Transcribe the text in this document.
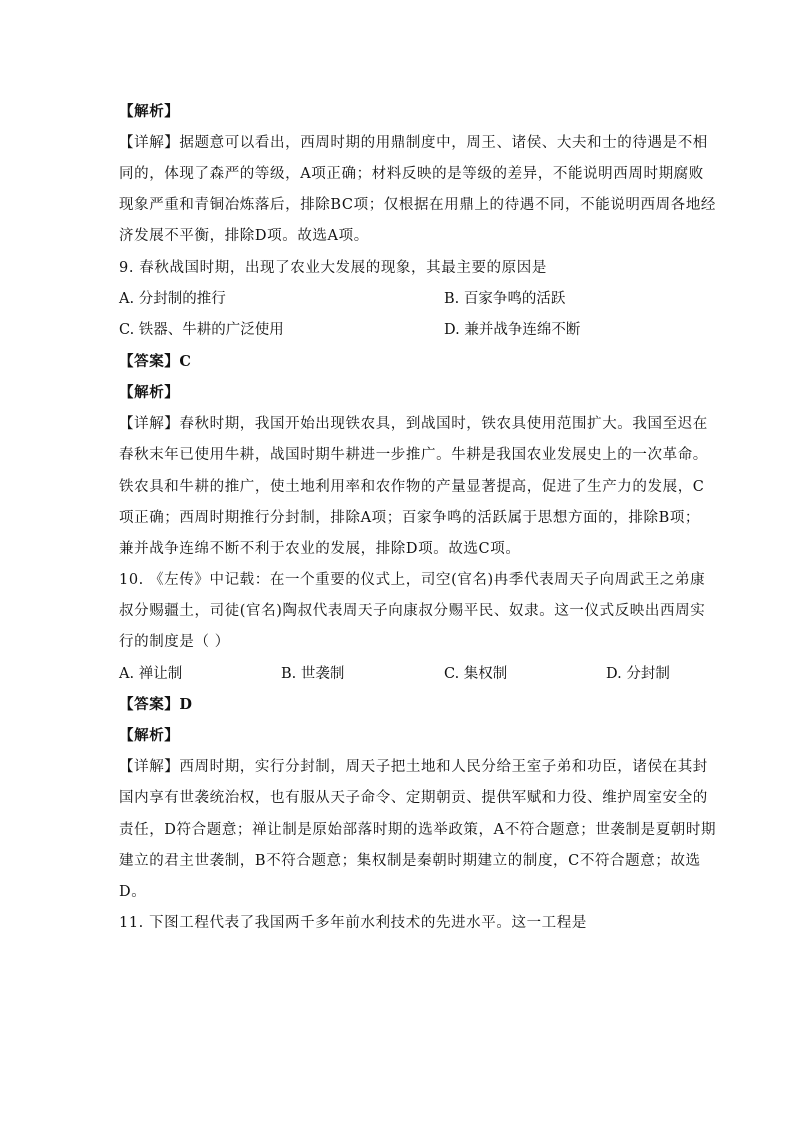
【解析】
【详解】据题意可以看出，西周时期的用鼎制度中，周王、诸侯、大夫和士的待遇是不相
同的，体现了森严的等级，A项正确；材料反映的是等级的差异，不能说明西周时期腐败
现象严重和青铜冶炼落后，排除BC项；仅根据在用鼎上的待遇不同，不能说明西周各地经
济发展不平衡，排除D项。故选A项。
9. 春秋战国时期，出现了农业大发展的现象，其最主要的原因是
A. 分封制的推行	B. 百家争鸣的活跃
C. 铁器、牛耕的广泛使用	D. 兼并战争连绵不断
【答案】C
【解析】
【详解】春秋时期，我国开始出现铁农具，到战国时，铁农具使用范围扩大。我国至迟在
春秋末年已使用牛耕，战国时期牛耕进一步推广。牛耕是我国农业发展史上的一次革命。
铁农具和牛耕的推广，使土地利用率和农作物的产量显著提高，促进了生产力的发展，C
项正确；西周时期推行分封制，排除A项；百家争鸣的活跃属于思想方面的，排除B项；
兼并战争连绵不断不利于农业的发展，排除D项。故选C项。
10. 《左传》中记载：在一个重要的仪式上，司空(官名)冉季代表周天子向周武王之弟康
叔分赐疆土，司徒(官名)陶叔代表周天子向康叔分赐平民、奴隶。这一仪式反映出西周实
行的制度是（ ）
A. 禅让制	B. 世袭制	C. 集权制	D. 分封制
【答案】D
【解析】
【详解】西周时期，实行分封制，周天子把土地和人民分给王室子弟和功臣，诸侯在其封
国内享有世袭统治权，也有服从天子命令、定期朝贡、提供军赋和力役、维护周室安全的
责任，D符合题意；禅让制是原始部落时期的选举政策，A不符合题意；世袭制是夏朝时期
建立的君主世袭制，B不符合题意；集权制是秦朝时期建立的制度，C不符合题意；故选
D。
11. 下图工程代表了我国两千多年前水利技术的先进水平。这一工程是
